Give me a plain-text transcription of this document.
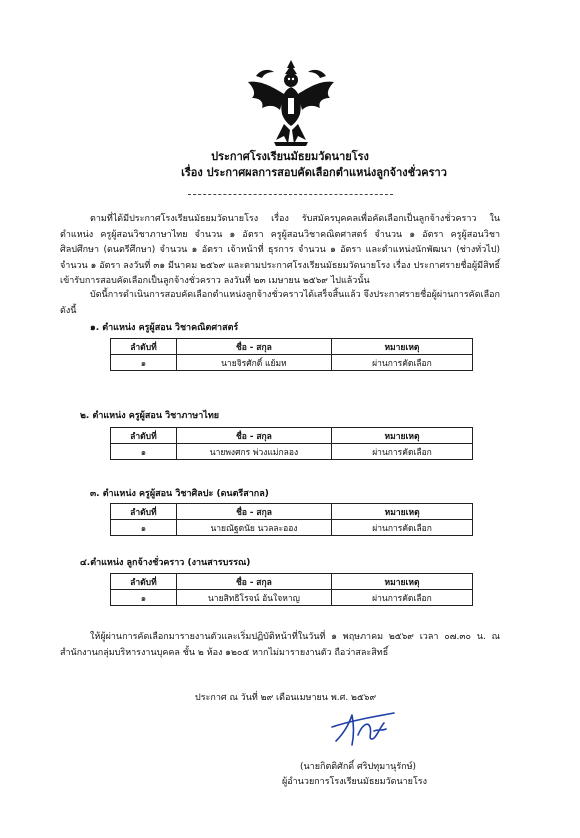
ประกาศโรงเรียนมัธยมวัดนายโรง
เรื่อง ประกาศผลการสอบคัดเลือกตำแหน่งลูกจ้างชั่วคราว

ตามที่ได้มีประกาศโรงเรียนมัธยมวัดนายโรง เรื่อง รับสมัครบุคคลเพื่อคัดเลือกเป็นลูกจ้างชั่วคราว ในตำแหน่ง ครูผู้สอนวิชาภาษาไทย จำนวน ๑ อัตรา ครูผู้สอนวิชาคณิตศาสตร์ จำนวน ๑ อัตรา ครูผู้สอนวิชาศิลปศึกษา (ดนตรีศึกษา) จำนวน ๑ อัตรา เจ้าหน้าที่ ธุรการ จำนวน ๑ อัตรา และตำแหน่งนักพัฒนา (ช่างทั่วไป) จำนวน ๑ อัตรา ลงวันที่ ๓๑ มีนาคม ๒๕๖๙ และตามประกาศโรงเรียนมัธยมวัดนายโรง เรื่อง ประกาศรายชื่อผู้มีสิทธิ์เข้ารับการสอบคัดเลือกเป็นลูกจ้างชั่วคราว ลงวันที่ ๒๓ เมษายน ๒๕๖๙ ไปแล้วนั้น

บัดนี้การดำเนินการสอบคัดเลือกตำแหน่งลูกจ้างชั่วคราวได้เสร็จสิ้นแล้ว จึงประกาศรายชื่อผู้ผ่านการคัดเลือก ดังนี้

๑. ตำแหน่ง ครูผู้สอน วิชาคณิตศาสตร์
ลำดับที่	ชื่อ - สกุล	หมายเหตุ
๑	นายจิรศักดิ์ แย้มห	ผ่านการคัดเลือก
๒. ตำแหน่ง ครูผู้สอน วิชาภาษาไทย
ลำดับที่	ชื่อ - สกุล	หมายเหตุ
๑	นายพงศกร พ่วงแม่กลอง	ผ่านการคัดเลือก
๓. ตำแหน่ง ครูผู้สอน วิชาศิลปะ (ดนตรีสากล)
ลำดับที่	ชื่อ - สกุล	หมายเหตุ
๑	นายณัฐดนัย นวลละออง	ผ่านการคัดเลือก
๔.ตำแหน่ง ลูกจ้างชั่วคราว (งานสารบรรณ)
ลำดับที่	ชื่อ - สกุล	หมายเหตุ
๑	นายสิทธิโรจน์ อ้นใจหาญ	ผ่านการคัดเลือก

ให้ผู้ผ่านการคัดเลือกมารายงานตัวและเริ่มปฏิบัติหน้าที่ในวันที่ ๑ พฤษภาคม ๒๕๖๙ เวลา ๐๗.๓๐ น. ณ สำนักงานกลุ่มบริหารงานบุคคล ชั้น ๒ ห้อง ๑๒๐๕ หากไม่มารายงานตัว ถือว่าสละสิทธิ์

ประกาศ ณ วันที่ ๒๙ เดือนเมษายน พ.ศ. ๒๕๖๙
(นายกิตติศักดิ์ ศริปทุมานุรักษ์)
ผู้อำนวยการโรงเรียนมัธยมวัดนายโรง
